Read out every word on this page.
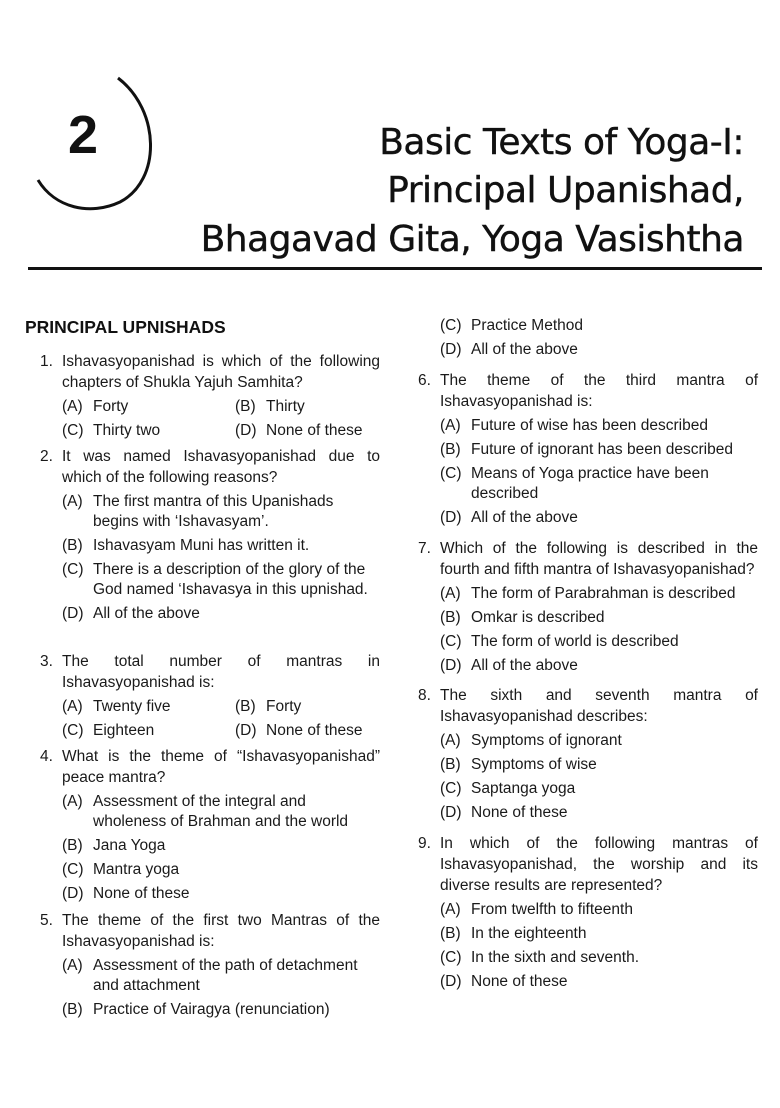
2	Basic Texts of Yoga-I:
Principal Upanishad,
Bhagavad Gita, Yoga Vasishtha
PRINCIPAL UPNISHADS
1. Ishavasyopanishad is which of the following chapters of Shukla Yajuh Samhita?
(A) Forty	(B) Thirty
(C) Thirty two	(D) None of these
2. It was named Ishavasyopanishad due to which of the following reasons?
(A) The first mantra of this Upanishads begins with ‘Ishavasyam’.
(B) Ishavasyam Muni has written it.
(C) There is a description of the glory of the God named ‘Ishavasya in this upnishad.
(D) All of the above
3. The total number of mantras in Ishavasyopanishad is:
(A) Twenty five	(B) Forty
(C) Eighteen	(D) None of these
4. What is the theme of “Ishavasyopanishad” peace mantra?
(A) Assessment of the integral and wholeness of Brahman and the world
(B) Jana Yoga
(C) Mantra yoga
(D) None of these
5. The theme of the first two Mantras of the Ishavasyopanishad is:
(A) Assessment of the path of detachment and attachment
(B) Practice of Vairagya (renunciation)
(C) Practice Method
(D) All of the above
6. The theme of the third mantra of Ishavasyopanishad is:
(A) Future of wise has been described
(B) Future of ignorant has been described
(C) Means of Yoga practice have been described
(D) All of the above
7. Which of the following is described in the fourth and fifth mantra of Ishavasyopanishad?
(A) The form of Parabrahman is described
(B) Omkar is described
(C) The form of world is described
(D) All of the above
8. The sixth and seventh mantra of Ishavasyopanishad describes:
(A) Symptoms of ignorant
(B) Symptoms of wise
(C) Saptanga yoga
(D) None of these
9. In which of the following mantras of Ishavasyopanishad, the worship and its diverse results are represented?
(A) From twelfth to fifteenth
(B) In the eighteenth
(C) In the sixth and seventh.
(D) None of these
